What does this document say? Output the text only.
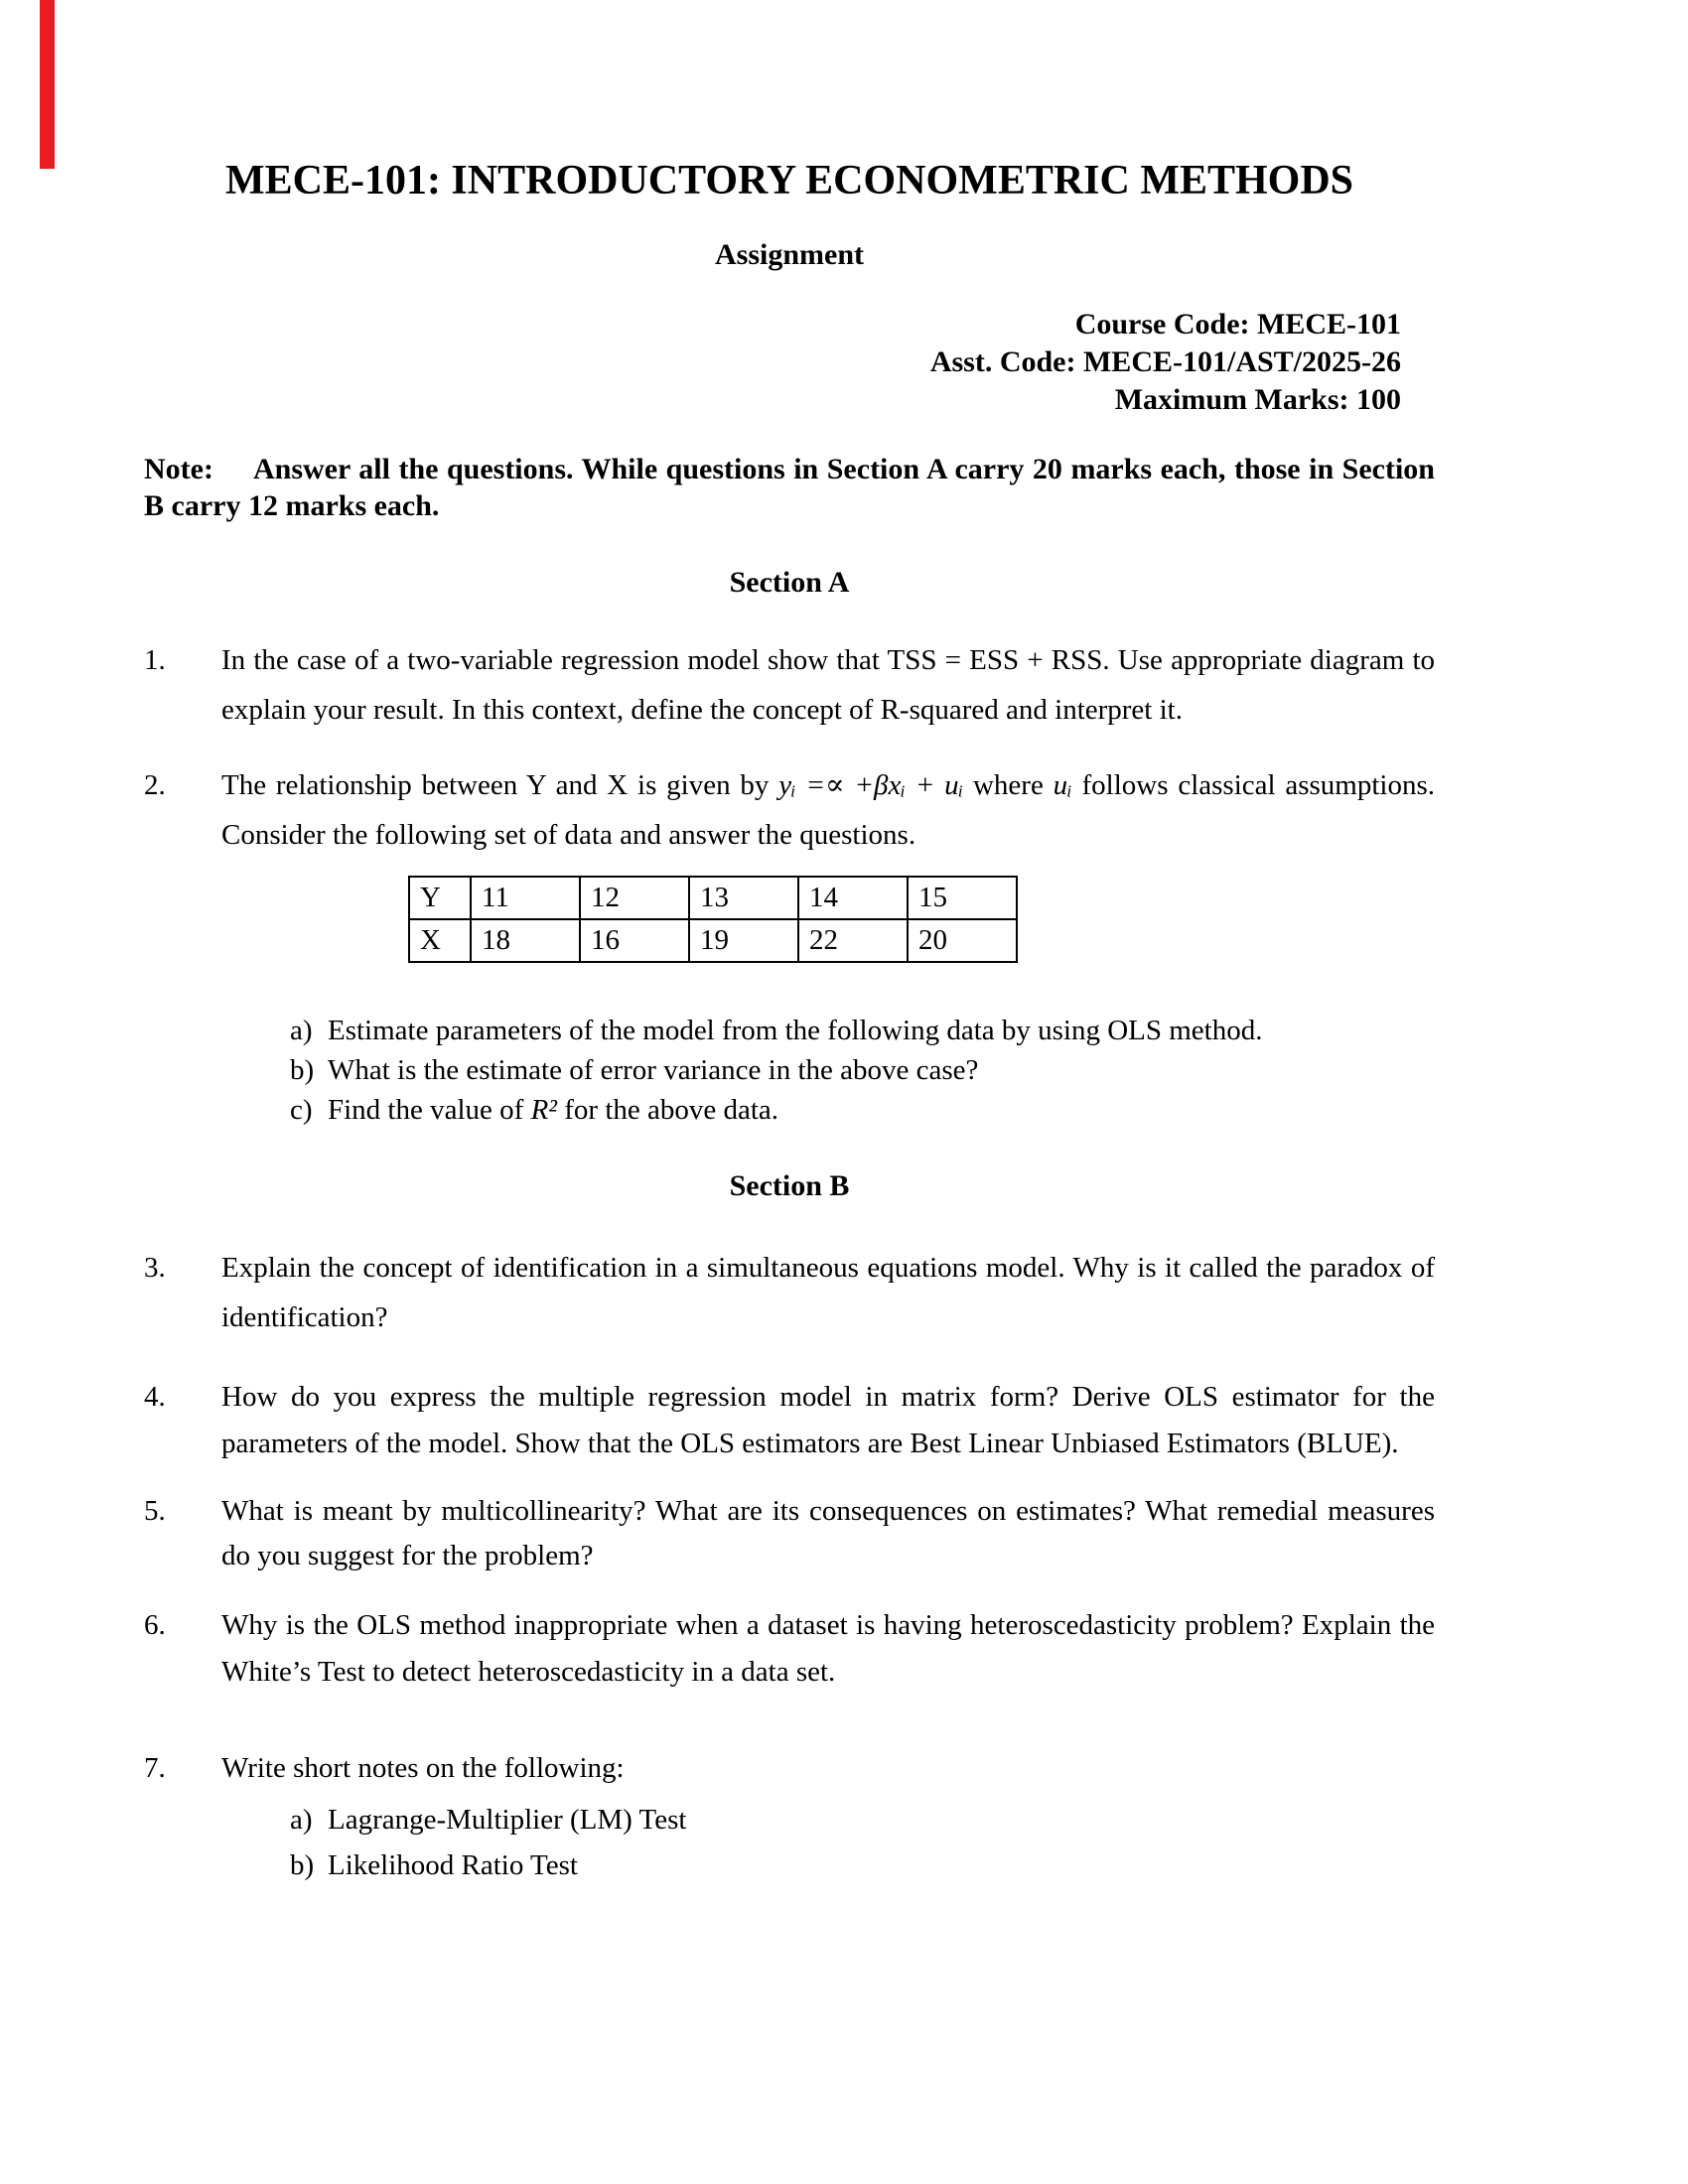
MECE-101: INTRODUCTORY ECONOMETRIC METHODS
Assignment
Course Code: MECE-101
Asst. Code: MECE-101/AST/2025-26
Maximum Marks: 100

Note: Answer all the questions. While questions in Section A carry 20 marks each, those in Section B carry 12 marks each.

Section A
1.	In the case of a two-variable regression model show that TSS = ESS + RSS. Use appropriate diagram to explain your result. In this context, define the concept of R-squared and interpret it.
2.	The relationship between Y and X is given by yᵢ =∝ +βxᵢ + uᵢ where uᵢ follows classical assumptions. Consider the following set of data and answer the questions.
Y	11	12	13	14	15
X	18	16	19	22	20
a) Estimate parameters of the model from the following data by using OLS method.
b) What is the estimate of error variance in the above case?
c) Find the value of R² for the above data.
Section B
3.	Explain the concept of identification in a simultaneous equations model. Why is it called the paradox of identification?
4.	How do you express the multiple regression model in matrix form? Derive OLS estimator for the parameters of the model. Show that the OLS estimators are Best Linear Unbiased Estimators (BLUE).
5.	What is meant by multicollinearity? What are its consequences on estimates? What remedial measures do you suggest for the problem?
6.	Why is the OLS method inappropriate when a dataset is having heteroscedasticity problem? Explain the White’s Test to detect heteroscedasticity in a data set.
7.	Write short notes on the following:
a) Lagrange-Multiplier (LM) Test
b) Likelihood Ratio Test
